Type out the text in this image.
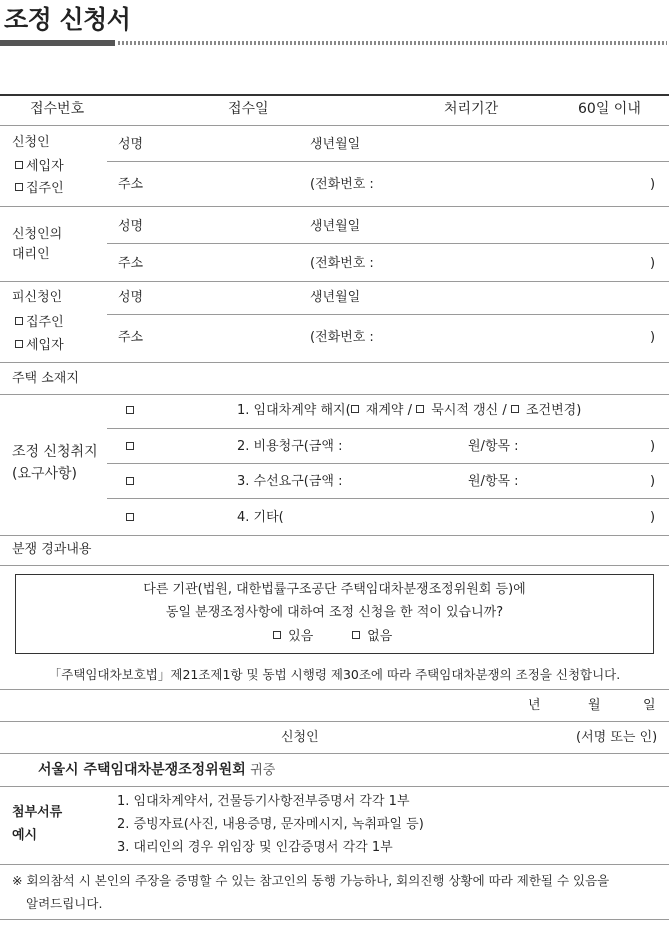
조정 신청서
접수번호	접수일	처리기간	60일 이내
신청인
세입자
집주인
성명	생년월일
주소	(전화번호 :	)
신청인의
대리인
성명	생년월일
주소	(전화번호 :	)
피신청인
집주인
세입자
성명	생년월일
주소	(전화번호 :	)
주택 소재지
조정 신청취지
(요구사항)
1. 임대차계약 해지( 재계약 / 묵시적 갱신 / 조건변경)
2. 비용청구(금액 :	원/항목 :	)
3. 수선요구(금액 :	원/항목 :	)
4. 기타(	)
분쟁 경과내용
다른 기관(법원, 대한법률구조공단 주택임대차분쟁조정위원회 등)에
동일 분쟁조정사항에 대하여 조정 신청을 한 적이 있습니까?
있음	없음
「주택임대차보호법」제21조제1항 및 동법 시행령 제30조에 따라 주택임대차분쟁의 조정을 신청합니다.
년	월	일
신청인	(서명 또는 인)
서울시 주택임대차분쟁조정위원회 귀중
첨부서류
예시
1. 임대차계약서, 건물등기사항전부증명서 각각 1부
2. 증빙자료(사진, 내용증명, 문자메시지, 녹취파일 등)
3. 대리인의 경우 위임장 및 인감증명서 각각 1부
※ 회의참석 시 본인의 주장을 증명할 수 있는 참고인의 동행 가능하나, 회의진행 상황에 따라 제한될 수 있음을
알려드립니다.
